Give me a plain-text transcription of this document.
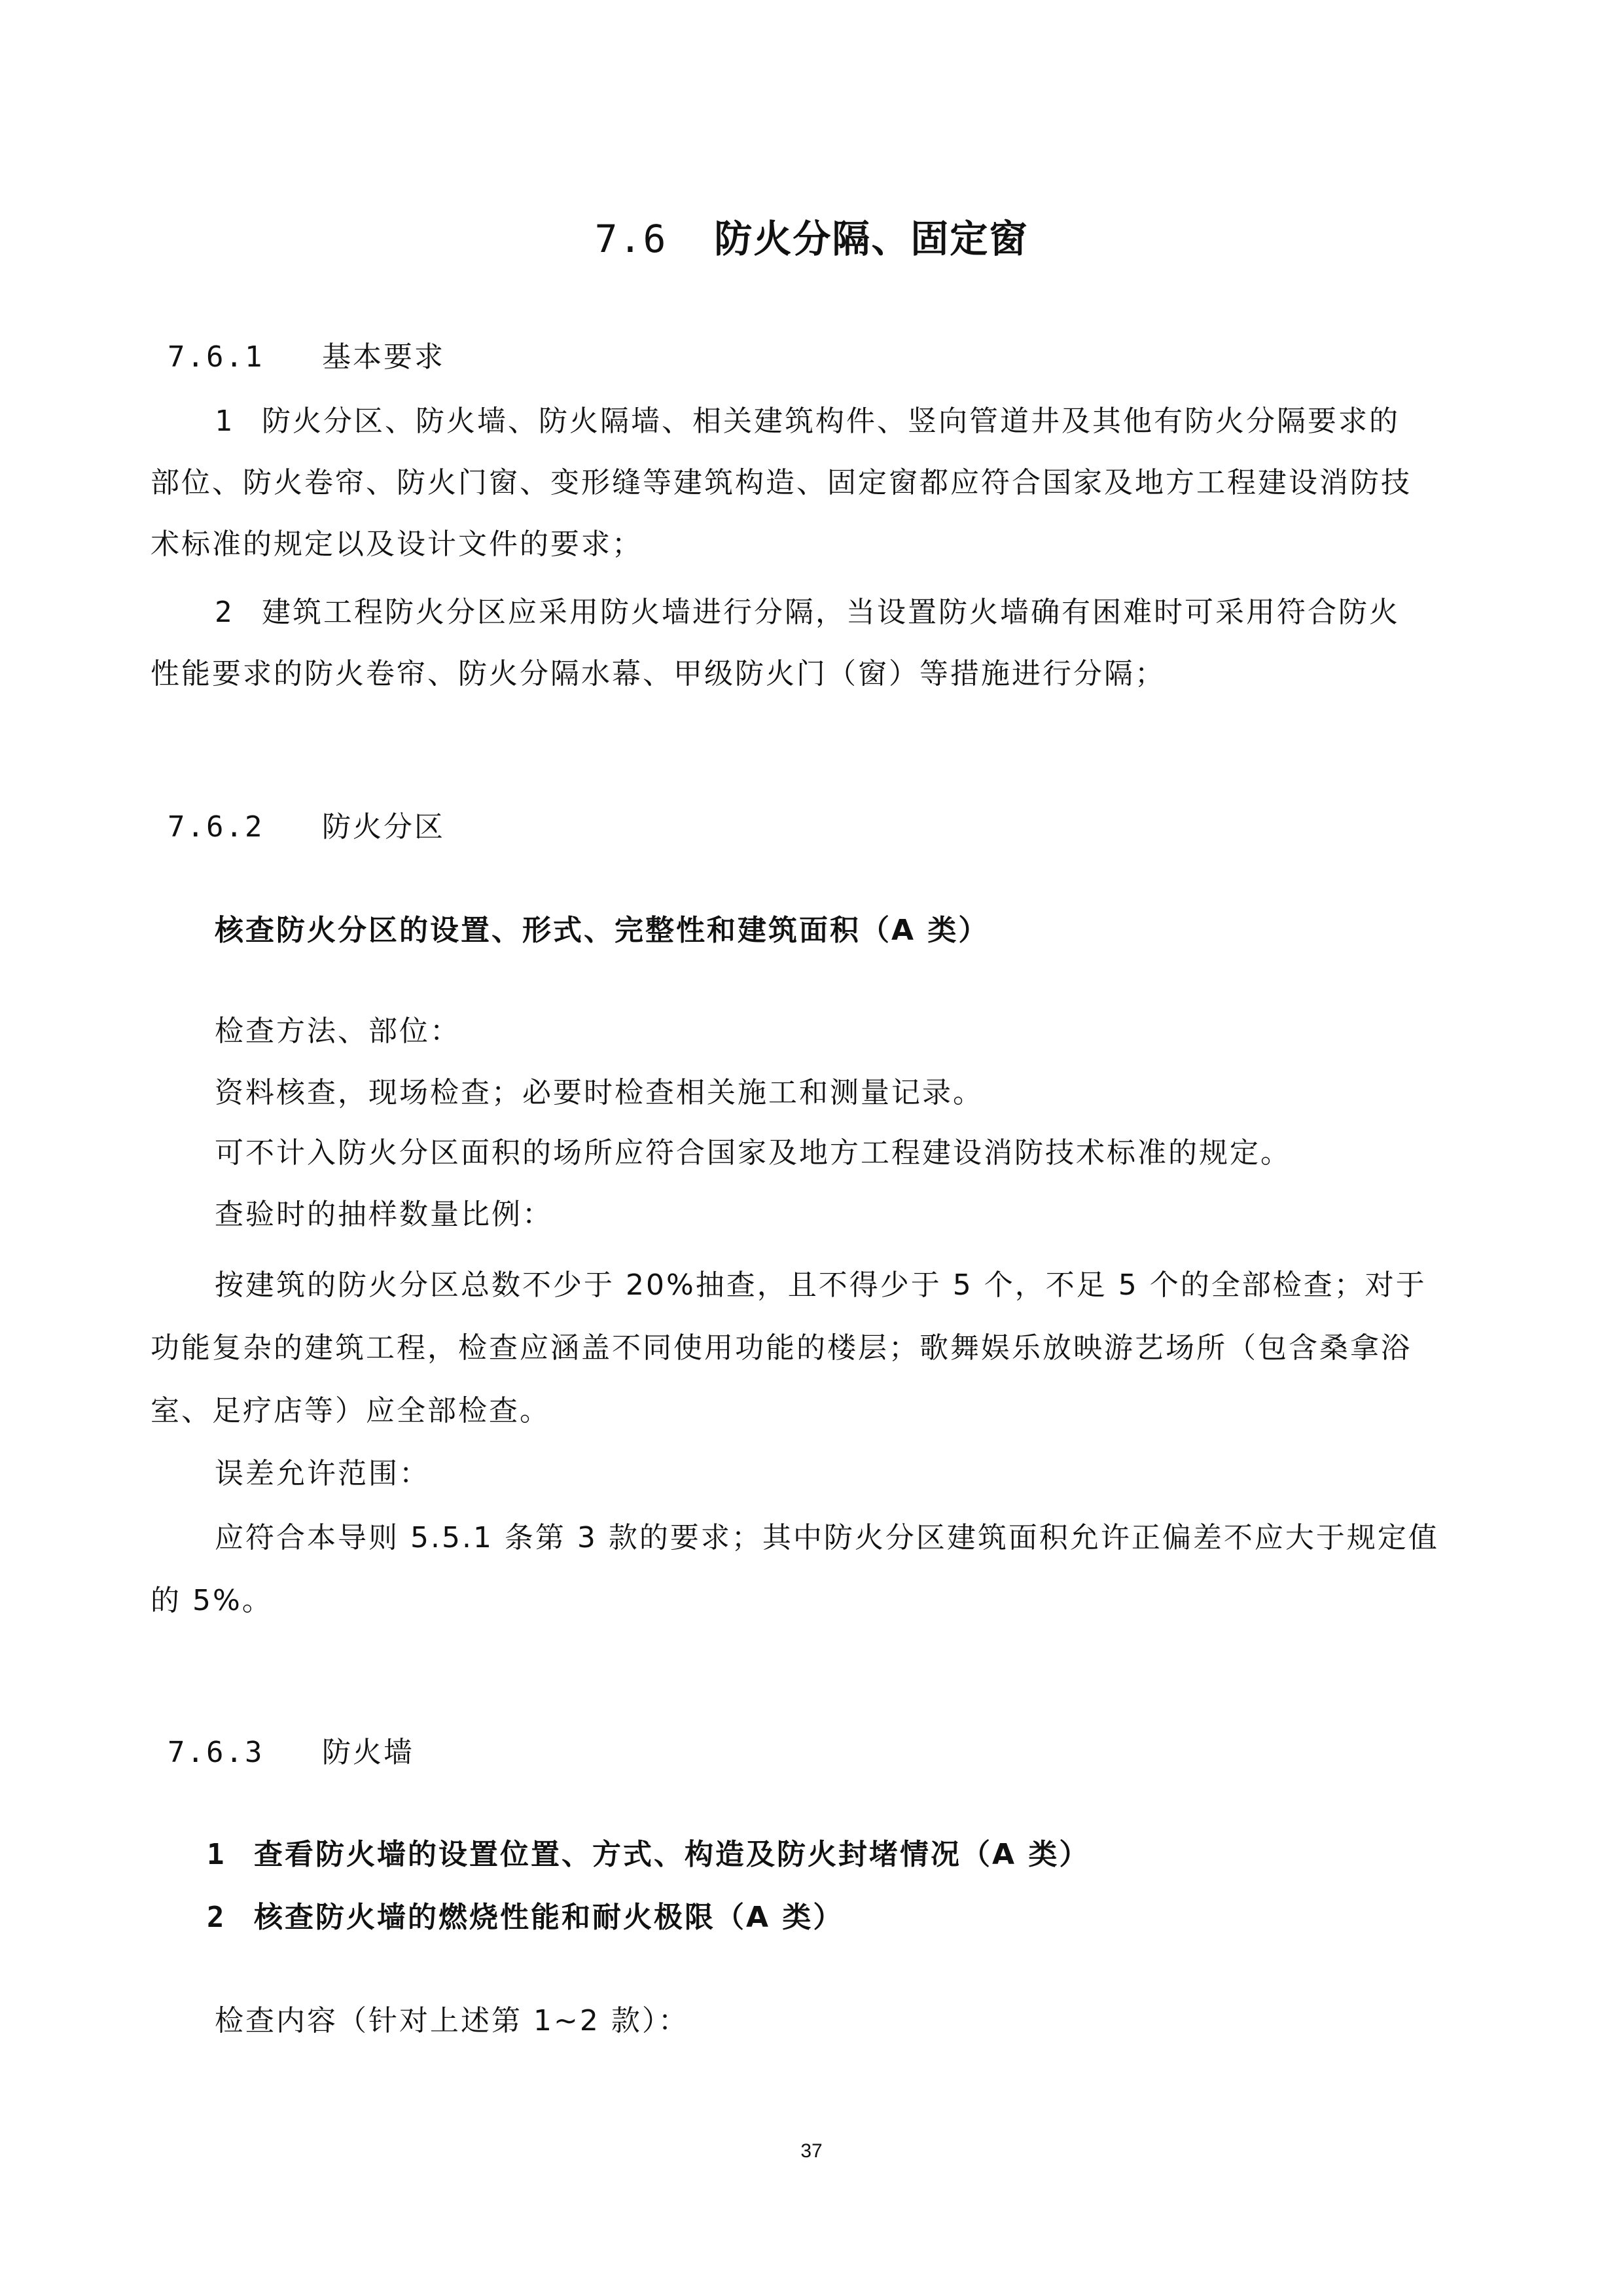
7.6 防火分隔、固定窗
7.6.1 基本要求
1 防火分区、防火墙、防火隔墙、相关建筑构件、竖向管道井及其他有防火分隔要求的
部位、防火卷帘、防火门窗、变形缝等建筑构造、固定窗都应符合国家及地方工程建设消防技
术标准的规定以及设计文件的要求；
2 建筑工程防火分区应采用防火墙进行分隔，当设置防火墙确有困难时可采用符合防火
性能要求的防火卷帘、防火分隔水幕、甲级防火门（窗）等措施进行分隔；
7.6.2 防火分区
核查防火分区的设置、形式、完整性和建筑面积（A 类）
检查方法、部位：
资料核查，现场检查；必要时检查相关施工和测量记录。
可不计入防火分区面积的场所应符合国家及地方工程建设消防技术标准的规定。
查验时的抽样数量比例：
按建筑的防火分区总数不少于 20%抽查，且不得少于 5 个，不足 5 个的全部检查；对于
功能复杂的建筑工程，检查应涵盖不同使用功能的楼层；歌舞娱乐放映游艺场所（包含桑拿浴
室、足疗店等）应全部检查。
误差允许范围：
应符合本导则 5.5.1 条第 3 款的要求；其中防火分区建筑面积允许正偏差不应大于规定值
的 5%。
7.6.3 防火墙
1 查看防火墙的设置位置、方式、构造及防火封堵情况（A 类）
2 核查防火墙的燃烧性能和耐火极限（A 类）
检查内容（针对上述第 1~2 款）：
37
